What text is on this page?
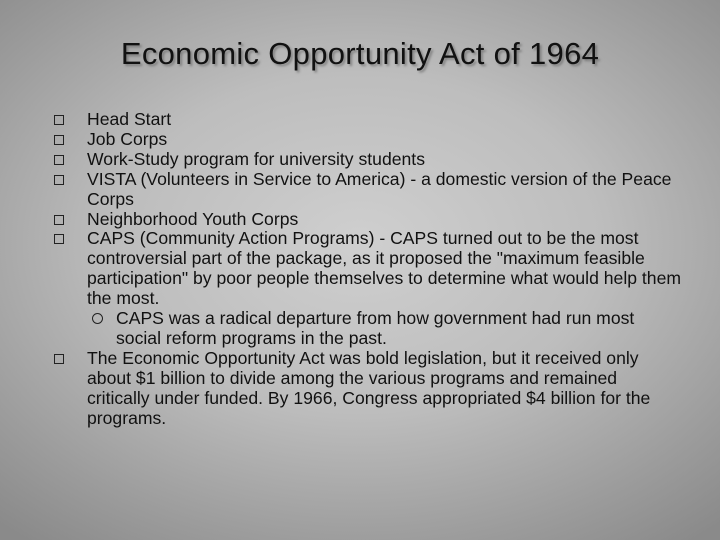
Economic Opportunity Act of 1964
Head Start
Job Corps
Work-Study program for university students
VISTA (Volunteers in Service to America) - a domestic version of the Peace Corps
Neighborhood Youth Corps
CAPS (Community Action Programs) - CAPS turned out to be the most controversial part of the package, as it proposed the "maximum feasible participation" by poor people themselves to determine what would help them the most.
CAPS was a radical departure from how government had run most social reform programs in the past.
The Economic Opportunity Act was bold legislation, but it received only about $1 billion to divide among the various programs and remained critically under funded. By 1966, Congress appropriated $4 billion for the programs.
